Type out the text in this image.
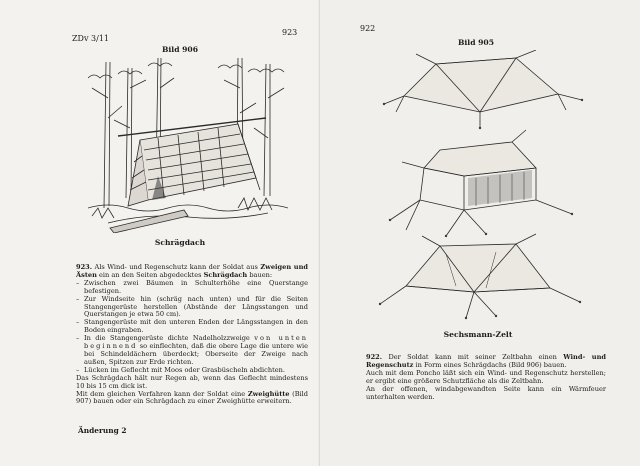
ZDv 3/11
923
Bild 906
Schrägdach
923. Als Wind- und Regenschutz kann der Soldat aus Zweigen und Ästen ein an den Seiten abgedecktes Schrägdach bauen:
– Zwischen zwei Bäumen in Schulterhöhe eine Querstange befestigen.
– Zur Windseite hin (schräg nach unten) und für die Seiten Stangengerüste herstellen (Abstände der Längsstangen und Querstangen je etwa 50 cm).
– Stangengerüste mit den unteren Enden der Längsstangen in den Boden eingraben.
– In die Stangengerüste dichte Nadelholzzweige von unten beginnend so einflechten, daß die obere Lage die untere wie bei Schindeldächern überdeckt; Oberseite der Zweige nach außen, Spitzen zur Erde richten.
– Lücken im Geflecht mit Moos oder Grasbüscheln abdichten.
Das Schrägdach hält nur Regen ab, wenn das Geflecht mindestens 10 bis 15 cm dick ist.
Mit dem gleichen Verfahren kann der Soldat eine Zweighütte (Bild 907) bauen oder ein Schrägdach zu einer Zweighütte erweitern.
Änderung 2
922
Bild 905
Sechsmann-Zelt
922. Der Soldat kann mit seiner Zeltbahn einen Wind- und Regenschutz in Form eines Schrägdachs (Bild 906) bauen.
Auch mit dem Poncho läßt sich ein Wind- und Regenschutz herstellen; er ergibt eine größere Schutzfläche als die Zeltbahn.
An der offenen, windabgewandten Seite kann ein Wärmfeuer unterhalten werden.
